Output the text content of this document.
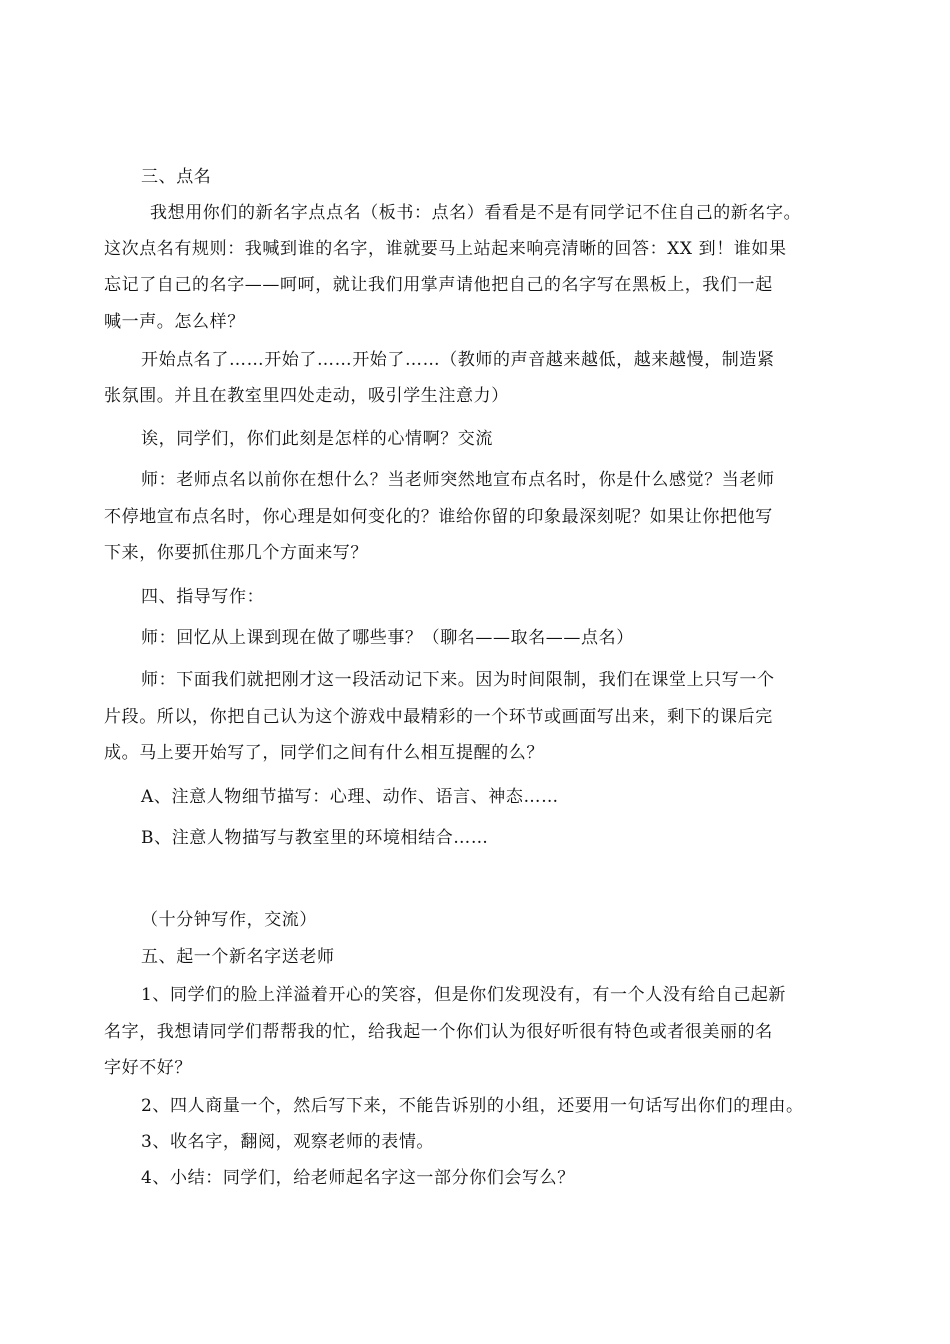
三、点名
我想用你们的新名字点点名（板书：点名）看看是不是有同学记不住自己的新名字。
这次点名有规则：我喊到谁的名字，谁就要马上站起来响亮清晰的回答：XX 到！谁如果
忘记了自己的名字——呵呵，就让我们用掌声请他把自己的名字写在黑板上，我们一起
喊一声。怎么样？
开始点名了……开始了……开始了……（教师的声音越来越低，越来越慢，制造紧
张氛围。并且在教室里四处走动，吸引学生注意力）
诶，同学们，你们此刻是怎样的心情啊？交流
师：老师点名以前你在想什么？当老师突然地宣布点名时，你是什么感觉？当老师
不停地宣布点名时，你心理是如何变化的？谁给你留的印象最深刻呢？如果让你把他写
下来，你要抓住那几个方面来写？
四、指导写作：
师：回忆从上课到现在做了哪些事？（聊名——取名——点名）
师：下面我们就把刚才这一段活动记下来。因为时间限制，我们在课堂上只写一个
片段。所以，你把自己认为这个游戏中最精彩的一个环节或画面写出来，剩下的课后完
成。马上要开始写了，同学们之间有什么相互提醒的么？
A、注意人物细节描写：心理、动作、语言、神态……
B、注意人物描写与教室里的环境相结合……
（十分钟写作，交流）
五、起一个新名字送老师
1、同学们的脸上洋溢着开心的笑容，但是你们发现没有，有一个人没有给自己起新
名字，我想请同学们帮帮我的忙，给我起一个你们认为很好听很有特色或者很美丽的名
字好不好？
2、四人商量一个，然后写下来，不能告诉别的小组，还要用一句话写出你们的理由。
3、收名字，翻阅，观察老师的表情。
4、小结：同学们，给老师起名字这一部分你们会写么？
